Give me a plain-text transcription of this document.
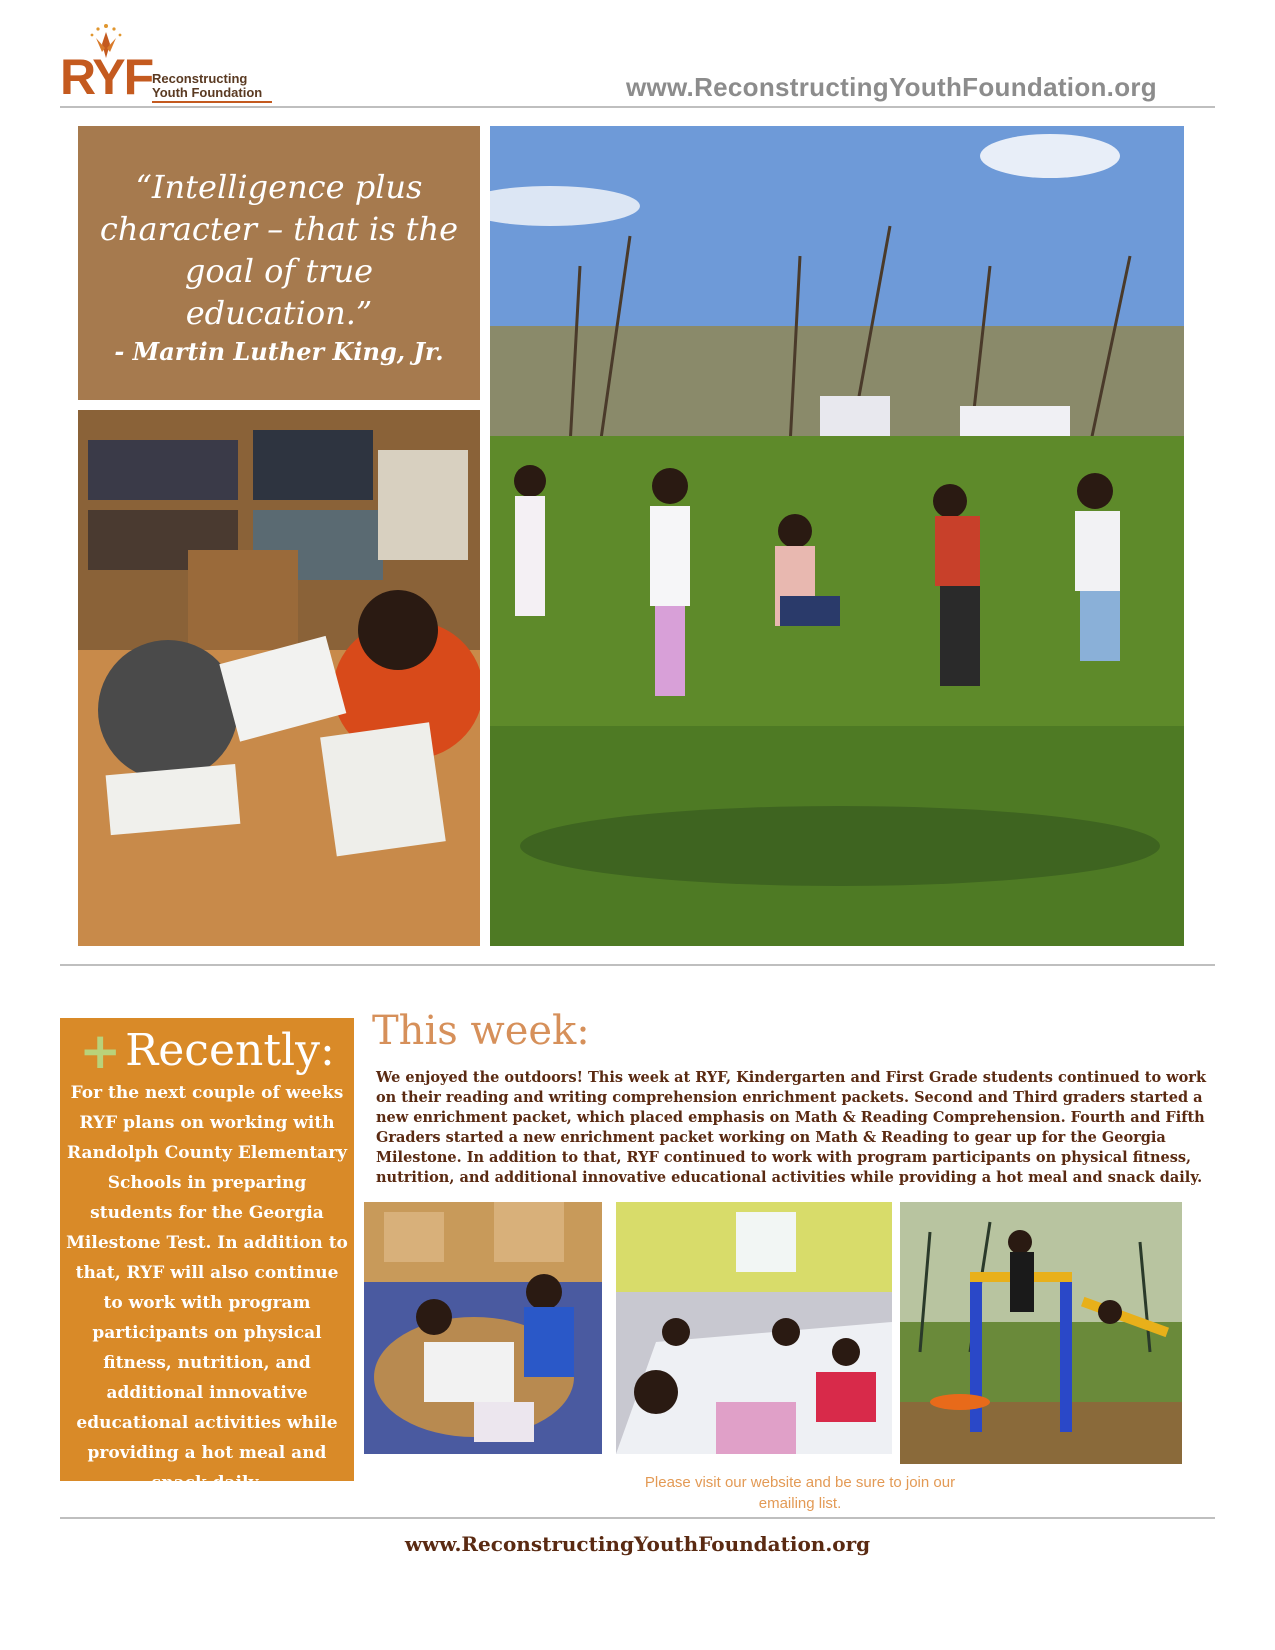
RYF Reconstructing
Youth Foundation	www.ReconstructingYouthFoundation.org
“Intelligence plus character – that is the goal of true education.”
- Martin Luther King, Jr.
+ Recently:
For the next couple of weeks RYF plans on working with Randolph County Elementary Schools in preparing students for the Georgia Milestone Test. In addition to that, RYF will also continue to work with program participants on physical fitness, nutrition, and additional innovative educational activities while providing a hot meal and snack daily.
This week:
We enjoyed the outdoors! This week at RYF, Kindergarten and First Grade students continued to work on their reading and writing comprehension enrichment packets. Second and Third graders started a new enrichment packet, which placed emphasis on Math & Reading Comprehension. Fourth and Fifth Graders started a new enrichment packet working on Math & Reading to gear up for the Georgia Milestone. In addition to that, RYF continued to work with program participants on physical fitness, nutrition, and additional innovative educational activities while providing a hot meal and snack daily.
Please visit our website and be sure to join our emailing list.
www.ReconstructingYouthFoundation.org
